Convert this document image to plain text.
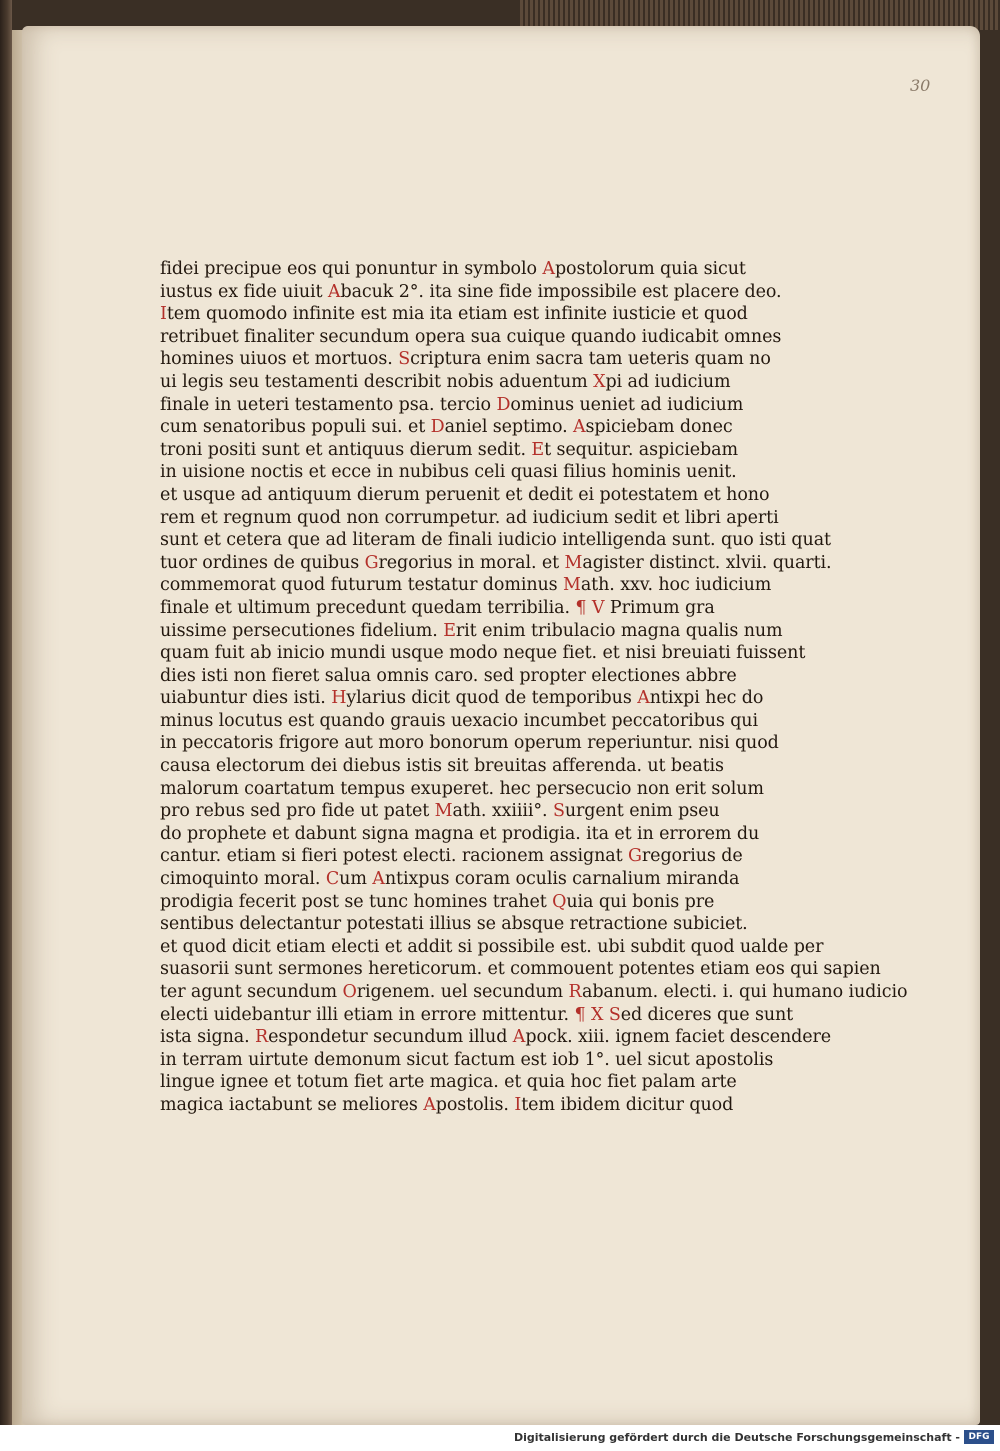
30
fidei precipue eos qui ponuntur in symbolo Apostolorum quia sicut
iustus ex fide uiuit Abacuk 2°. ita sine fide impossibile est placere deo.
Item quomodo infinite est mia ita etiam est infinite iusticie et quod
retribuet finaliter secundum opera sua cuique quando iudicabit omnes
homines uiuos et mortuos. Scriptura enim sacra tam ueteris quam no
ui legis seu testamenti describit nobis aduentum Xpi ad iudicium
finale in ueteri testamento psa. tercio Dominus ueniet ad iudicium
cum senatoribus populi sui. et Daniel septimo. Aspiciebam donec
troni positi sunt et antiquus dierum sedit. Et sequitur. aspiciebam
in uisione noctis et ecce in nubibus celi quasi filius hominis uenit.
et usque ad antiquum dierum peruenit et dedit ei potestatem et hono
rem et regnum quod non corrumpetur. ad iudicium sedit et libri aperti
sunt et cetera que ad literam de finali iudicio intelligenda sunt. quo isti quat
tuor ordines de quibus Gregorius in moral. et Magister distinct. xlvii. quarti.
commemorat quod futurum testatur dominus Math. xxv. hoc iudicium
finale et ultimum precedunt quedam terribilia. ¶ V Primum gra
uissime persecutiones fidelium. Erit enim tribulacio magna qualis num
quam fuit ab inicio mundi usque modo neque fiet. et nisi breuiati fuissent
dies isti non fieret salua omnis caro. sed propter electiones abbre
uiabuntur dies isti. Hylarius dicit quod de temporibus Antixpi hec do
minus locutus est quando grauis uexacio incumbet peccatoribus qui
in peccatoris frigore aut moro bonorum operum reperiuntur. nisi quod
causa electorum dei diebus istis sit breuitas afferenda. ut beatis
malorum coartatum tempus exuperet. hec persecucio non erit solum
pro rebus sed pro fide ut patet Math. xxiiii°. Surgent enim pseu
do prophete et dabunt signa magna et prodigia. ita et in errorem du
cantur. etiam si fieri potest electi. racionem assignat Gregorius de
cimoquinto moral. Cum Antixpus coram oculis carnalium miranda
prodigia fecerit post se tunc homines trahet Quia qui bonis pre
sentibus delectantur potestati illius se absque retractione subiciet.
et quod dicit etiam electi et addit si possibile est. ubi subdit quod ualde per
suasorii sunt sermones hereticorum. et commouent potentes etiam eos qui sapien
ter agunt secundum Origenem. uel secundum Rabanum. electi. i. qui humano iudicio
electi uidebantur illi etiam in errore mittentur. ¶ X Sed diceres que sunt
ista signa. Respondetur secundum illud Apock. xiii. ignem faciet descendere
in terram uirtute demonum sicut factum est iob 1°. uel sicut apostolis
lingue ignee et totum fiet arte magica. et quia hoc fiet palam arte
magica iactabunt se meliores Apostolis. Item ibidem dicitur quod
Digitalisierung gefördert durch die Deutsche Forschungsgemeinschaft - DFG
